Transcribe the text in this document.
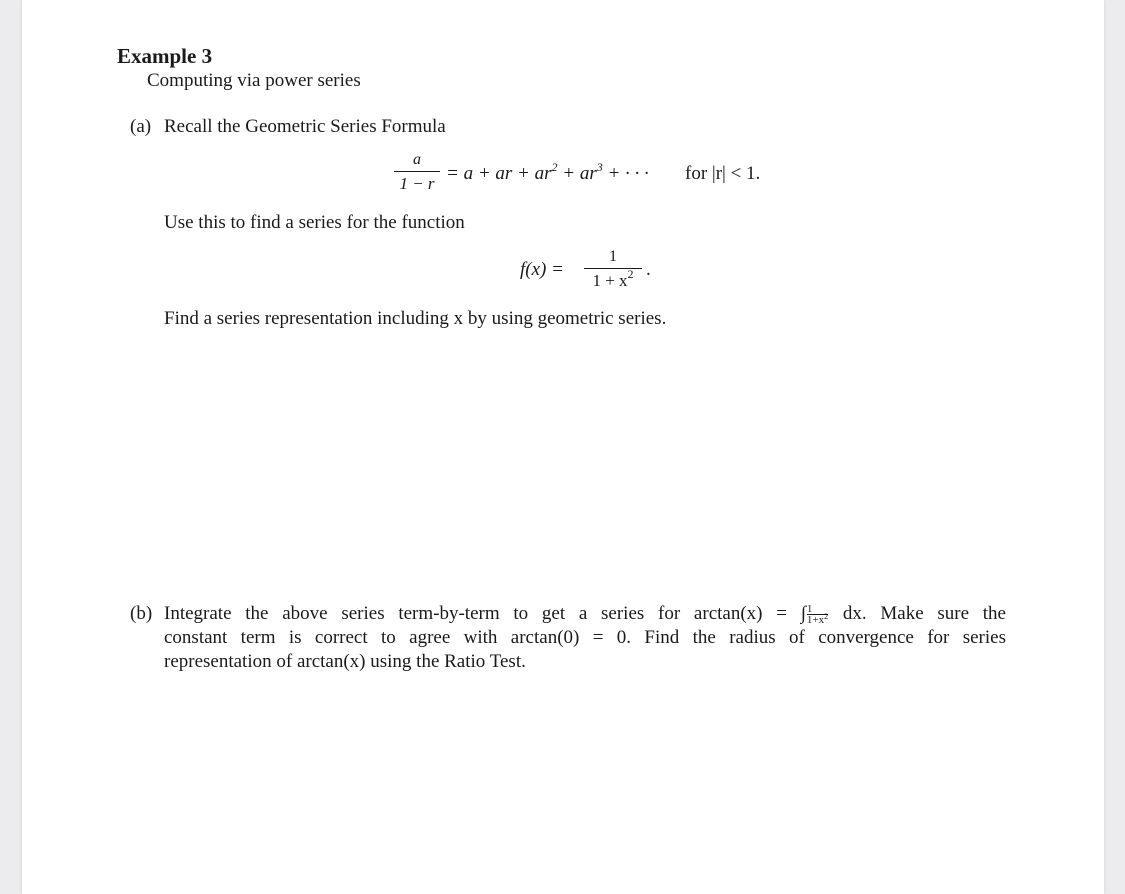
Example 3
Computing via power series
(a) Recall the Geometric Series Formula
a
1 − r = a + ar + $ar^2 + ar^3$ + · · · for |r| < 1.
Use this to find a series for the function
f(x) =
1
$1 + x^2$ .
Find a series representation including x by using geometric series.
(b) Integrate the above series term-by-term to get a series for arctan(x) = ∫ $\frac{1}{1+x^2}$ dx. Make sure the
constant term is correct to agree with arctan(0) = 0. Find the radius of convergence for series
representation of arctan(x) using the Ratio Test.
